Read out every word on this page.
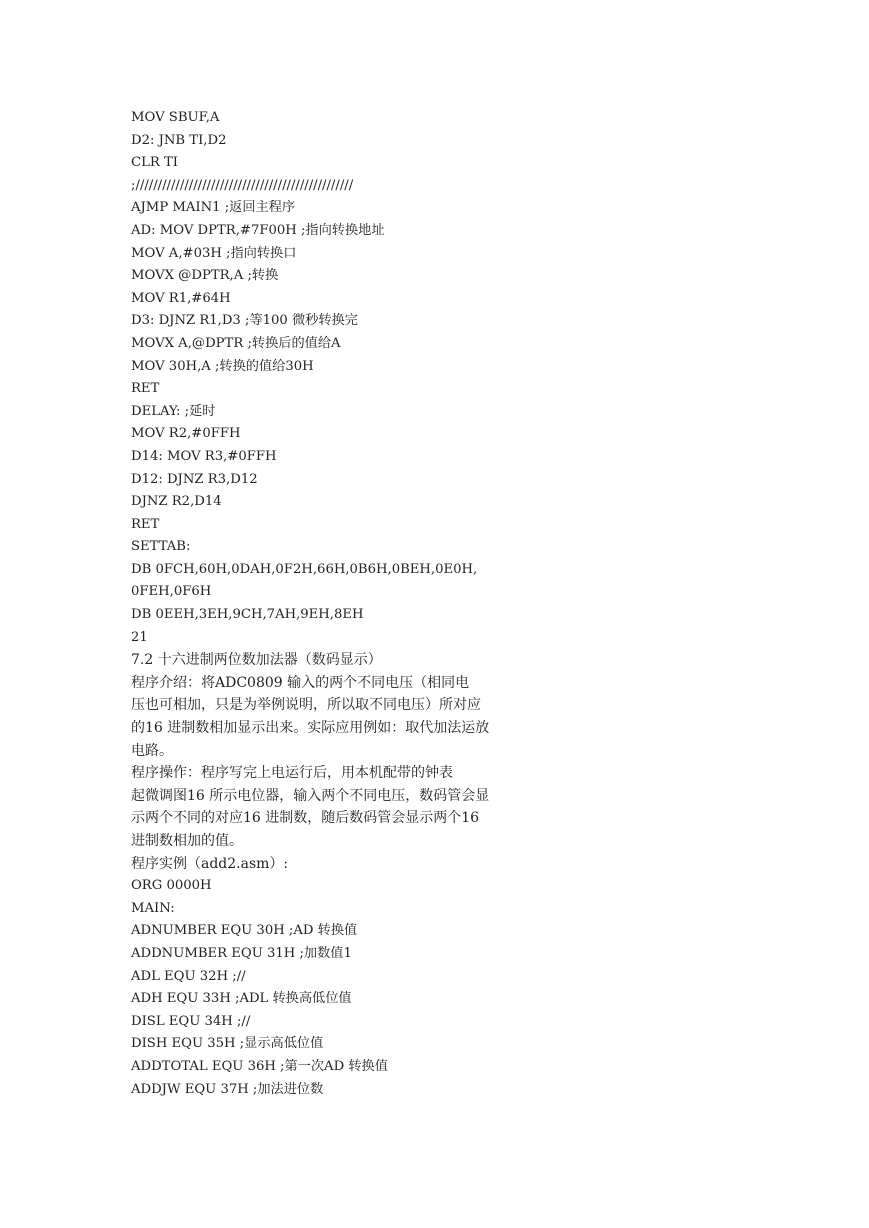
MOV SBUF,A
D2: JNB TI,D2
CLR TI
;/////////////////////////////////////////////////
AJMP MAIN1 ;返回主程序
AD: MOV DPTR,#7F00H ;指向转换地址
MOV A,#03H ;指向转换口
MOVX @DPTR,A ;转换
MOV R1,#64H
D3: DJNZ R1,D3 ;等100 微秒转换完
MOVX A,@DPTR ;转换后的值给A
MOV 30H,A ;转换的值给30H
RET
DELAY: ;延时
MOV R2,#0FFH
D14: MOV R3,#0FFH
D12: DJNZ R3,D12
DJNZ R2,D14
RET
SETTAB:
DB 0FCH,60H,0DAH,0F2H,66H,0B6H,0BEH,0E0H,
0FEH,0F6H
DB 0EEH,3EH,9CH,7AH,9EH,8EH
21
7.2 十六进制两位数加法器（数码显示）
程序介绍：将ADC0809 输入的两个不同电压（相同电
压也可相加，只是为举例说明，所以取不同电压）所对应
的16 进制数相加显示出来。实际应用例如：取代加法运放
电路。
程序操作：程序写完上电运行后，用本机配带的钟表
起微调图16 所示电位器，输入两个不同电压，数码管会显
示两个不同的对应16 进制数，随后数码管会显示两个16
进制数相加的值。
程序实例（add2.asm）:
ORG 0000H
MAIN:
ADNUMBER EQU 30H ;AD 转换值
ADDNUMBER EQU 31H ;加数值1
ADL EQU 32H ;//
ADH EQU 33H ;ADL 转换高低位值
DISL EQU 34H ;//
DISH EQU 35H ;显示高低位值
ADDTOTAL EQU 36H ;第一次AD 转换值
ADDJW EQU 37H ;加法进位数
